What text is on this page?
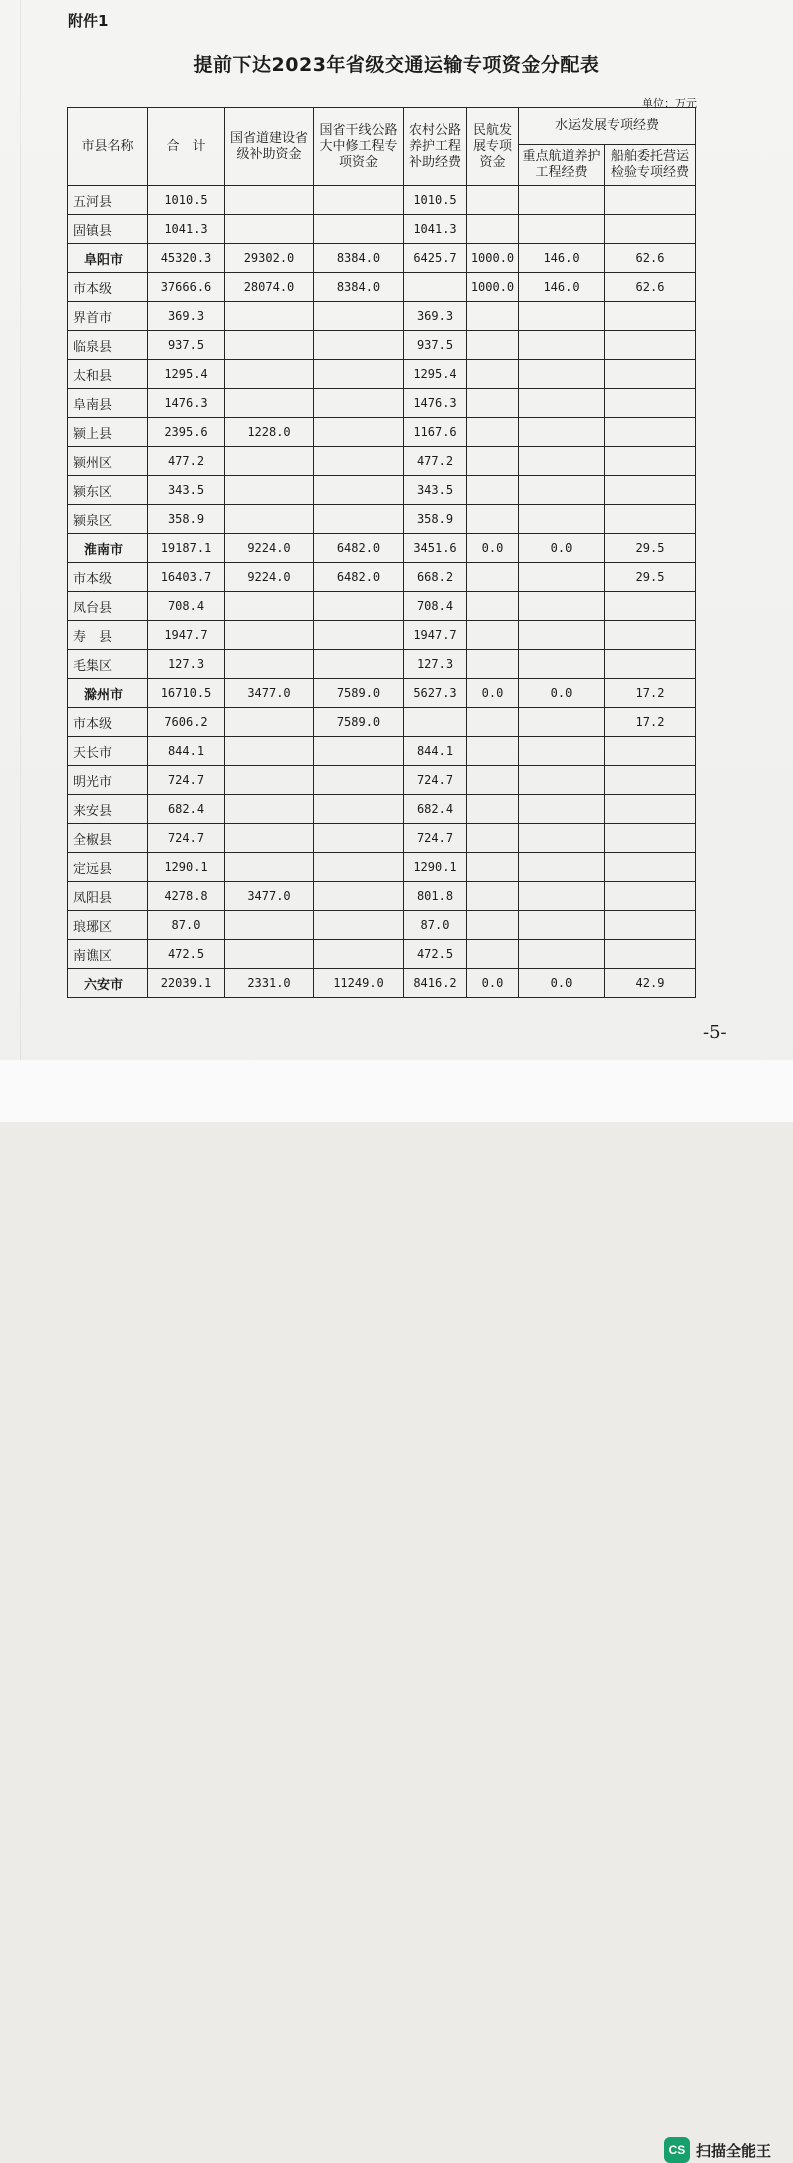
附件1
提前下达2023年省级交通运输专项资金分配表
单位：万元
市县名称	合　计	国省道建设省级补助资金	国省干线公路大中修工程专项资金	农村公路养护工程补助经费	民航发展专项资金	水运发展专项经费	
						重点航道养护工程经费	船舶委托营运检验专项经费
五河县	1010.5			1010.5			
固镇县	1041.3			1041.3			
阜阳市	45320.3	29302.0	8384.0	6425.7	1000.0	146.0	62.6
市本级	37666.6	28074.0	8384.0		1000.0	146.0	62.6
界首市	369.3			369.3			
临泉县	937.5			937.5			
太和县	1295.4			1295.4			
阜南县	1476.3			1476.3			
颍上县	2395.6	1228.0		1167.6			
颍州区	477.2			477.2			
颍东区	343.5			343.5			
颍泉区	358.9			358.9			
淮南市	19187.1	9224.0	6482.0	3451.6	0.0	0.0	29.5
市本级	16403.7	9224.0	6482.0	668.2			29.5
凤台县	708.4			708.4			
寿　县	1947.7			1947.7			
毛集区	127.3			127.3			
滁州市	16710.5	3477.0	7589.0	5627.3	0.0	0.0	17.2
市本级	7606.2		7589.0				17.2
天长市	844.1			844.1			
明光市	724.7			724.7			
来安县	682.4			682.4			
全椒县	724.7			724.7			
定远县	1290.1			1290.1			
凤阳县	4278.8	3477.0		801.8			
琅琊区	87.0			87.0			
南谯区	472.5			472.5			
六安市	22039.1	2331.0	11249.0	8416.2	0.0	0.0	42.9
-5-
CS 扫描全能王
